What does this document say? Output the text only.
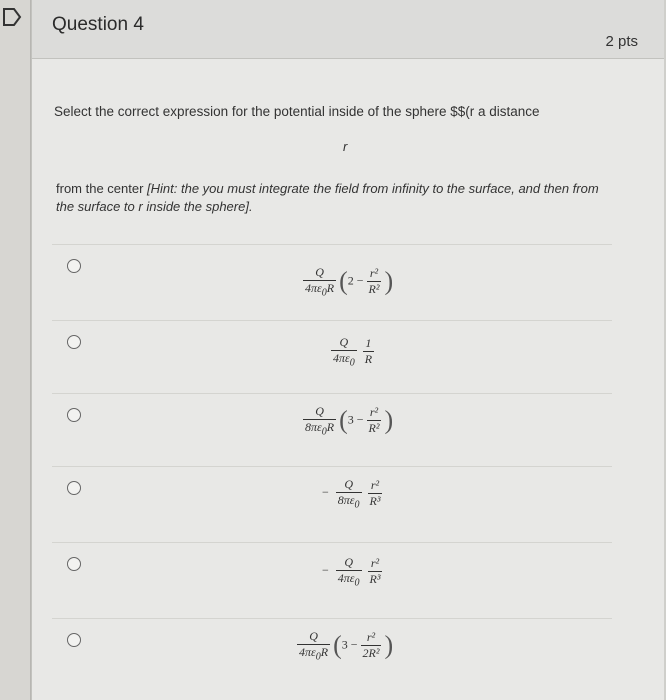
Question 4
2 pts
Select the correct expression for the potential inside of the sphere $$(r a distance
r
from the center [Hint: the you must integrate the field from infinity to the surface, and then from the surface to r inside the sphere].
$\frac{Q}{4\pi\varepsilon_0R} (2 - \frac{\text{r²}}{\text{R²}}$ )
$\frac{Q}{4\pi\varepsilon_0} \frac{1}{R}$
$\frac{Q}{8\pi\varepsilon_0R} (3 - \frac{\text{r²}}{\text{R²}}$ )
− $\frac{Q}{8\pi\varepsilon_0} \frac{\text{r²}}{\text{R³}}$
− $\frac{Q}{4\pi\varepsilon_0} \frac{\text{r²}}{\text{R³}}$
$\frac{Q}{4\pi\varepsilon_0R} (3 - \frac{\text{r²}}{\text{2R²}}$ )
